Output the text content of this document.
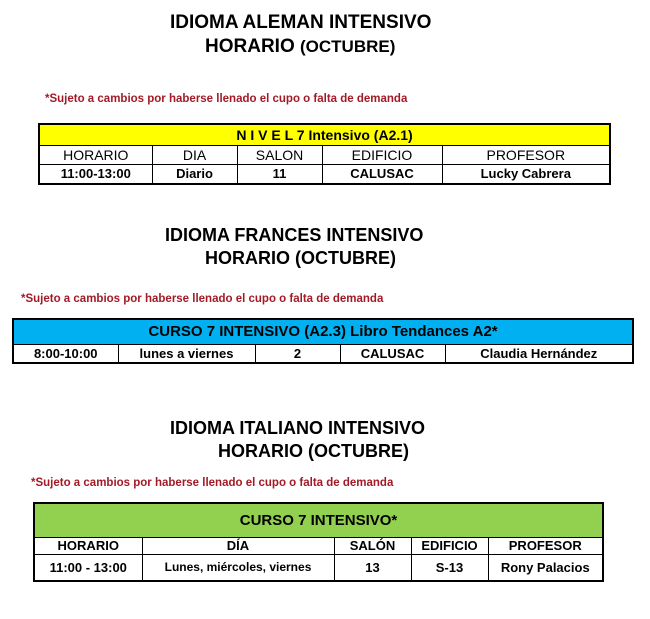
IDIOMA ALEMAN INTENSIVO
HORARIO (OCTUBRE)
*Sujeto a cambios por haberse llenado el cupo o falta de demanda
N I V E L 7 Intensivo (A2.1)				
HORARIO	DIA	SALON	EDIFICIO	PROFESOR
11:00-13:00	Diario	11	CALUSAC	Lucky Cabrera
IDIOMA FRANCES INTENSIVO
HORARIO (OCTUBRE)
*Sujeto a cambios por haberse llenado el cupo o falta de demanda
CURSO 7 INTENSIVO (A2.3) Libro Tendances A2*
8:00-10:00	lunes a viernes	2	CALUSAC	Claudia Hernández
IDIOMA ITALIANO INTENSIVO
HORARIO (OCTUBRE)
*Sujeto a cambios por haberse llenado el cupo o falta de demanda
CURSO 7 INTENSIVO*				
HORARIO	DÍA	SALÓN	EDIFICIO	PROFESOR
11:00 - 13:00	Lunes, miércoles, viernes	13	S-13	Rony Palacios
